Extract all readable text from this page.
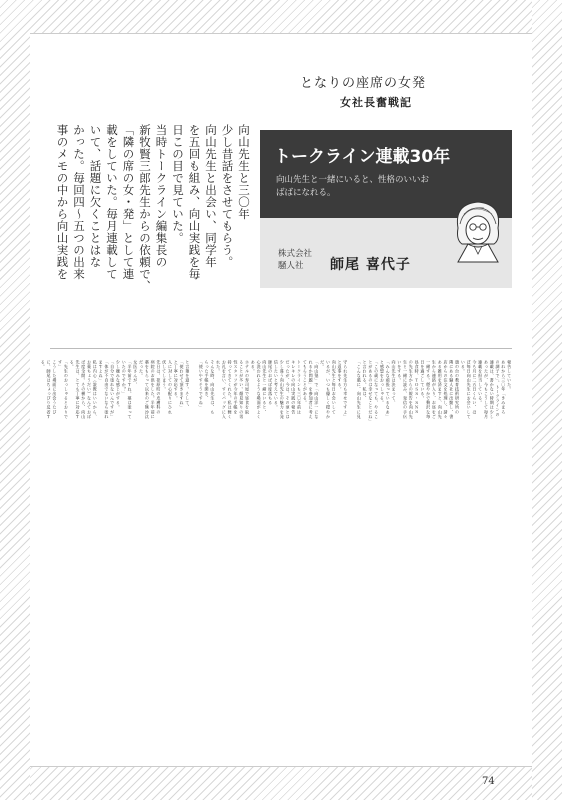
となりの座席の女発
女社長奮戦記
トークライン連載30年
向山先生と一緒にいると、性格のいいおばばになれる。
株式会社
騒人社	師尾 喜代子
向山先生と三〇年
少し昔話をさせてもらう。
向山先生と出会い、同学年
を五回も組み、向山実践を毎
日この目で見ていた。
当時トークライン編集長の
新牧賢三郎先生からの依頼で、
「隣の席の女・発」として連
載をしていた。毎月連載して
いて、話題に欠くことはな
かった。毎回四〜五つの出来
事のメモの中から向山実践を
報告していた。
あれから三〇年「きみまろ
の調子で」。トークラインの
連載は、書かない時期は少し
あったが、今もこうして毎月
連載を担当している。
今も月に二五日くらい、ほ
ぼ毎日向山先生にお会いして
いる。
旗の台の教育技術研究所の
隣にある騒人社に出勤し、書
店からの注文を処理し、諸々
ある雑用を済ますと、向山先
生から連絡が入り、お昼をご
一緒する。穏やかで贅沢な毎
日を過ごしている。
昼食時、ＴＯＳＳ・ＳＮＳ
の先生方からの報告を向山先
生と一緒に読み、発信の手伝
いをする。
向山先生は決まって、
「みんな頑張っているなあ」
と感想をおっしゃる。
「この歳になっても、やるこ
とがあるのは幸せなことだね」
と言われる。私は、
「こんな風に、向山先生に見
守られ先生方も幸せですよ」
と返事をする。
向山先生と毎日お会いして
いるが、いつも優しく穏やか
だ。
「向山塾」で「向山洋一にな
れるか問題」を参加者に考え
てもらうことがある。
トークラインも三〇年前は
キレキレの向山実践の報告
だったが、今は、その頃とは
少し違う向山先生の魅力を発
信したいと考えている。
師尾のおばば度落ちる
向山先生と一緒にいると、
心洗われるような場面がよく
ある。
ホテルの寿司屋で昼食を取
ることが多い。顔見知りの男
性スタッフが今年の手帳を
持ってきてくれた。私は軽く
お礼を言い、すぐバッグに入
れた。
そんな時、向山先生は、も
らった手帳を開き、
「使いやすそうですね」
と言葉を返す。そして、
「使わせて頂きますね」
と丁寧に対応する。
人に対しての心配りにひれ
伏してしまう。
先日は、荏原町の皮膚科の
病院のお供をした。半年前に
薬をもらって以来のご無沙汰
だった。
女医さんが、
「半年前ですね。薬は塗って
いたのですか？」
少し嫌みな感じがする。
「自分で塗れないんですが」
「体が不自由でないなら塗れ
ますよね」
私は内心（説教はいいから、
お薬ちょうだい）なんておば
ば度全開。その横から、向山
先生は、とても丁寧に対応す
る。
「先生のおっしゃるとおりで
す」
こうした場面に出会うたび
に、師尾はちょっぴり反省す
る。
74
